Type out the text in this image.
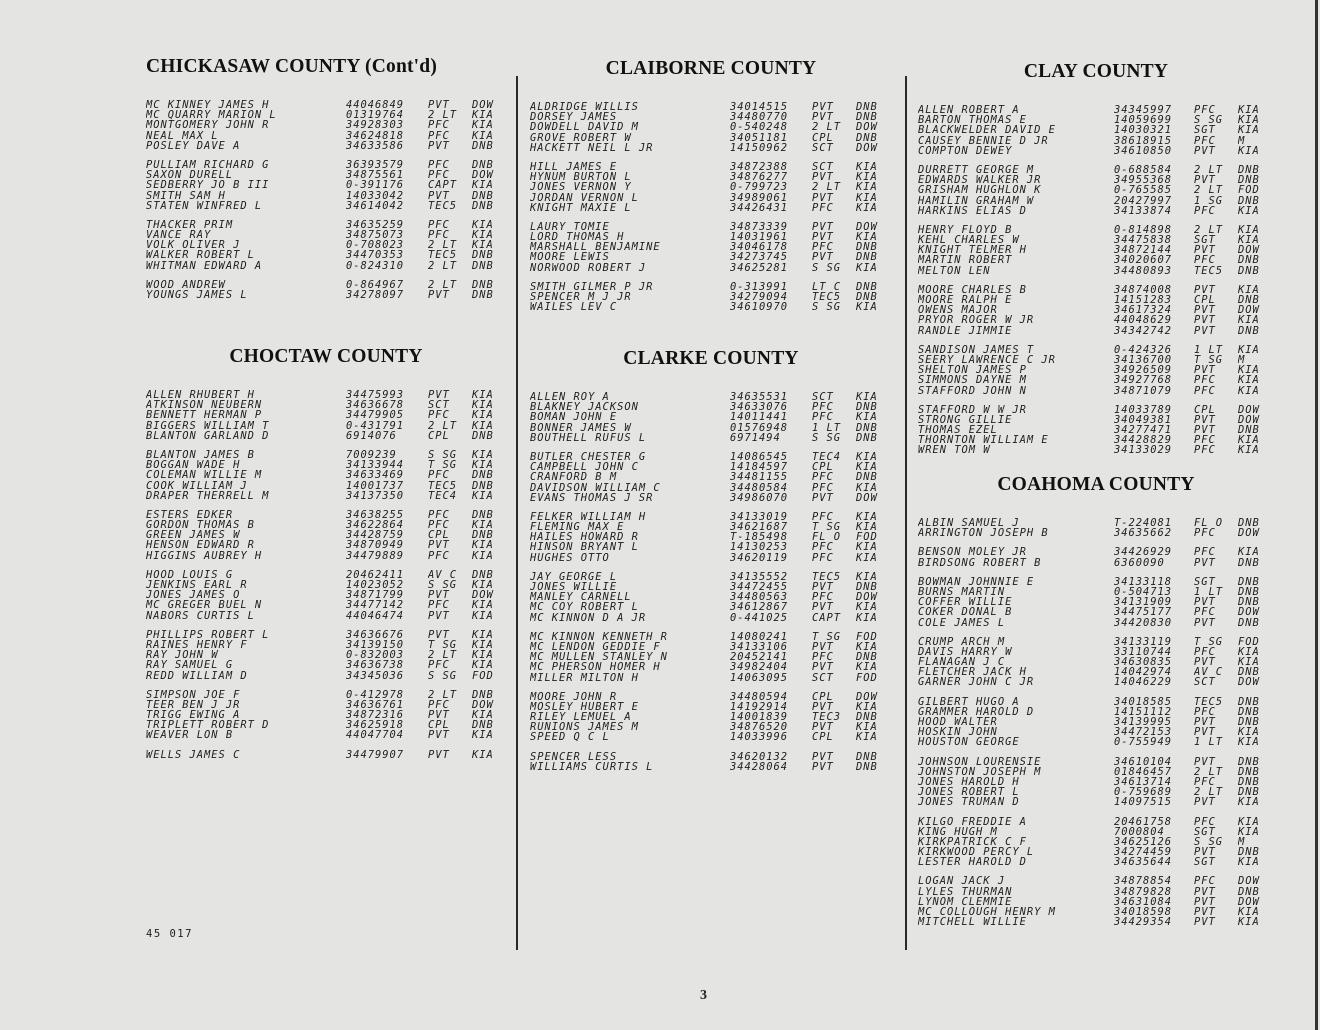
CHICKASAW COUNTY (Cont'd)
MC KINNEY JAMES H	44046849	PVT	DOW
MC QUARRY MARION L	01319764	2 LT	KIA
MONTGOMERY JOHN R	34928303	PFC	KIA
NEAL MAX L	34624818	PFC	KIA
POSLEY DAVE A	34633586	PVT	DNB
PULLIAM RICHARD G	36393579	PFC	DNB
SAXON DURELL	34875561	PFC	DOW
SEDBERRY JO B III	0-391176	CAPT	KIA
SMITH SAM H	14033042	PVT	DNB
STATEN WINFRED L	34614042	TEC5	DNB
THACKER PRIM	34635259	PFC	KIA
VANCE RAY	34875073	PFC	KIA
VOLK OLIVER J	0-708023	2 LT	KIA
WALKER ROBERT L	34470353	TEC5	DNB
WHITMAN EDWARD A	0-824310	2 LT	DNB
WOOD ANDREW	0-864967	2 LT	DNB
YOUNGS JAMES L	34278097	PVT	DNB
CHOCTAW COUNTY
ALLEN RHUBERT H	34475993	PVT	KIA
ATKINSON NEUBERN	34636678	SCT	KIA
BENNETT HERMAN P	34479905	PFC	KIA
BIGGERS WILLIAM T	0-431791	2 LT	KIA
BLANTON GARLAND D	6914076	CPL	DNB
BLANTON JAMES B	7009239	S SG	KIA
BOGGAN WADE H	34133944	T SG	KIA
COLEMAN WILLIE M	34633469	PFC	DNB
COOK WILLIAM J	14001737	TEC5	DNB
DRAPER THERRELL M	34137350	TEC4	KIA
ESTERS EDKER	34638255	PFC	DNB
GORDON THOMAS B	34622864	PFC	KIA
GREEN JAMES W	34428759	CPL	DNB
HENSON EDWARD R	34870949	PVT	KIA
HIGGINS AUBREY H	34479889	PFC	KIA
HOOD LOUIS G	20462411	AV C	DNB
JENKINS EARL R	14023052	S SG	KIA
JONES JAMES O	34871799	PVT	DOW
MC GREGER BUEL N	34477142	PFC	KIA
NABORS CURTIS L	44046474	PVT	KIA
PHILLIPS ROBERT L	34636676	PVT	KIA
RAINES HENRY F	34139150	T SG	KIA
RAY JOHN W	0-832003	2 LT	KIA
RAY SAMUEL G	34636738	PFC	KIA
REDD WILLIAM D	34345036	S SG	FOD
SIMPSON JOE F	0-412978	2 LT	DNB
TEER BEN J JR	34636761	PFC	DOW
TRIGG EWING A	34872316	PVT	KIA
TRIPLETT ROBERT D	34625918	CPL	DNB
WEAVER LON B	44047704	PVT	KIA
WELLS JAMES C	34479907	PVT	KIA
CLAIBORNE COUNTY
ALDRIDGE WILLIS	34014515	PVT	DNB
DORSEY JAMES	34480770	PVT	DNB
DOWDELL DAVID M	0-540248	2 LT	DOW
GROVE ROBERT W	34051181	CPL	DNB
HACKETT NEIL L JR	14150962	SCT	DOW
HILL JAMES E	34872388	SCT	KIA
HYNUM BURTON L	34876277	PVT	KIA
JONES VERNON Y	0-799723	2 LT	KIA
JORDAN VERNON L	34989061	PVT	KIA
KNIGHT MAXIE L	34426431	PFC	KIA
LAURY TOMIE	34873339	PVT	DOW
LORD THOMAS H	14031961	PVT	KIA
MARSHALL BENJAMINE	34046178	PFC	DNB
MOORE LEWIS	34273745	PVT	DNB
NORWOOD ROBERT J	34625281	S SG	KIA
SMITH GILMER P JR	0-313991	LT C	DNB
SPENCER M J JR	34279094	TEC5	DNB
WAILES LEV C	34610970	S SG	KIA
CLARKE COUNTY
ALLEN ROY A	34635531	SCT	KIA
BLAKNEY JACKSON	34633076	PFC	DNB
BOMAN JOHN E	14011441	PFC	KIA
BONNER JAMES W	01576948	1 LT	DNB
BOUTHELL RUFUS L	6971494	S SG	DNB
BUTLER CHESTER G	14086545	TEC4	KIA
CAMPBELL JOHN C	14184597	CPL	KIA
CRANFORD B M	34481155	PFC	DNB
DAVIDSON WILLIAM C	34480584	PFC	KIA
EVANS THOMAS J SR	34986070	PVT	DOW
FELKER WILLIAM H	34133019	PFC	KIA
FLEMING MAX E	34621687	T SG	KIA
HAILES HOWARD R	T-185498	FL O	FOD
HINSON BRYANT L	14130253	PFC	KIA
HUGHES OTTO	34620119	PFC	KIA
JAY GEORGE L	34135552	TEC5	KIA
JONES WILLIE	34472455	PVT	DNB
MANLEY CARNELL	34480563	PFC	DOW
MC COY ROBERT L	34612867	PVT	KIA
MC KINNON D A JR	0-441025	CAPT	KIA
MC KINNON KENNETH R	14080241	T SG	FOD
MC LENDON GEDDIE F	34133106	PVT	KIA
MC MULLEN STANLEY N	20452141	PFC	DNB
MC PHERSON HOMER H	34982404	PVT	KIA
MILLER MILTON H	14063095	SCT	FOD
MOORE JOHN R	34480594	CPL	DOW
MOSLEY HUBERT E	14192914	PVT	KIA
RILEY LEMUEL A	14001839	TEC3	DNB
RUNIONS JAMES M	34876520	PVT	KIA
SPEED Q C L	14033996	CPL	KIA
SPENCER LESS	34620132	PVT	DNB
WILLIAMS CURTIS L	34428064	PVT	DNB
CLAY COUNTY
ALLEN ROBERT A	34345997	PFC	KIA
BARTON THOMAS E	14059699	S SG	KIA
BLACKWELDER DAVID E	14030321	SGT	KIA
CAUSEY BENNIE D JR	38618915	PFC	M
COMPTON DEWEY	34610850	PVT	KIA
DURRETT GEORGE M	0-688584	2 LT	DNB
EDWARDS WALKER JR	34955368	PVT	DNB
GRISHAM HUGHLON K	0-765585	2 LT	FOD
HAMILIN GRAHAM W	20427997	1 SG	DNB
HARKINS ELIAS D	34133874	PFC	KIA
HENRY FLOYD B	0-814898	2 LT	KIA
KEHL CHARLES W	34475838	SGT	KIA
KNIGHT TELMER H	34872144	PVT	DOW
MARTIN ROBERT	34020607	PFC	DNB
MELTON LEN	34480893	TEC5	DNB
MOORE CHARLES B	34874008	PVT	KIA
MOORE RALPH E	14151283	CPL	DNB
OWENS MAJOR	34617324	PVT	DOW
PRYOR ROGER W JR	44048629	PVT	KIA
RANDLE JIMMIE	34342742	PVT	DNB
SANDISON JAMES T	0-424326	1 LT	KIA
SEERY LAWRENCE C JR	34136700	T SG	M
SHELTON JAMES P	34926509	PVT	KIA
SIMMONS DAYNE M	34927768	PFC	KIA
STAFFORD JOHN N	34871079	PFC	KIA
STAFFORD W W JR	14033789	CPL	DOW
STRONG GILLIE	34049381	PVT	DOW
THOMAS EZEL	34277471	PVT	DNB
THORNTON WILLIAM E	34428829	PFC	KIA
WREN TOM W	34133029	PFC	KIA
COAHOMA COUNTY
ALBIN SAMUEL J	T-224081	FL O	DNB
ARRINGTON JOSEPH B	34635662	PFC	DOW
BENSON MOLEY JR	34426929	PFC	KIA
BIRDSONG ROBERT B	6360090	PVT	DNB
BOWMAN JOHNNIE E	34133118	SGT	DNB
BURNS MARTIN	0-504713	1 LT	DNB
COFFER WILLIE	34131909	PVT	DNB
COKER DONAL B	34475177	PFC	DOW
COLE JAMES L	34420830	PVT	DNB
CRUMP ARCH M	34133119	T SG	FOD
DAVIS HARRY W	33110744	PFC	KIA
FLANAGAN J C	34630835	PVT	KIA
FLETCHER JACK H	14042974	AV C	DNB
GARNER JOHN C JR	14046229	SCT	DOW
GILBERT HUGO A	34018585	TEC5	DNB
GRAMMER HAROLD D	14151112	PFC	DNB
HOOD WALTER	34139995	PVT	DNB
HOSKIN JOHN	34472153	PVT	KIA
HOUSTON GEORGE	0-755949	1 LT	KIA
JOHNSON LOURENSIE	34610104	PVT	DNB
JOHNSTON JOSEPH M	01846457	2 LT	DNB
JONES HAROLD H	34613714	PFC	DNB
JONES ROBERT L	0-759689	2 LT	DNB
JONES TRUMAN D	14097515	PVT	KIA
KILGO FREDDIE A	20461758	PFC	KIA
KING HUGH M	7000804	SGT	KIA
KIRKPATRICK C F	34625126	S SG	M
KIRKWOOD PERCY L	34274459	PVT	DNB
LESTER HAROLD D	34635644	SGT	KIA
LOGAN JACK J	34878854	PFC	DOW
LYLES THURMAN	34879828	PVT	DNB
LYNOM CLEMMIE	34631084	PVT	DOW
MC COLLOUGH HENRY M	34018598	PVT	KIA
MITCHELL WILLIE	34429354	PVT	KIA
45 017
3
